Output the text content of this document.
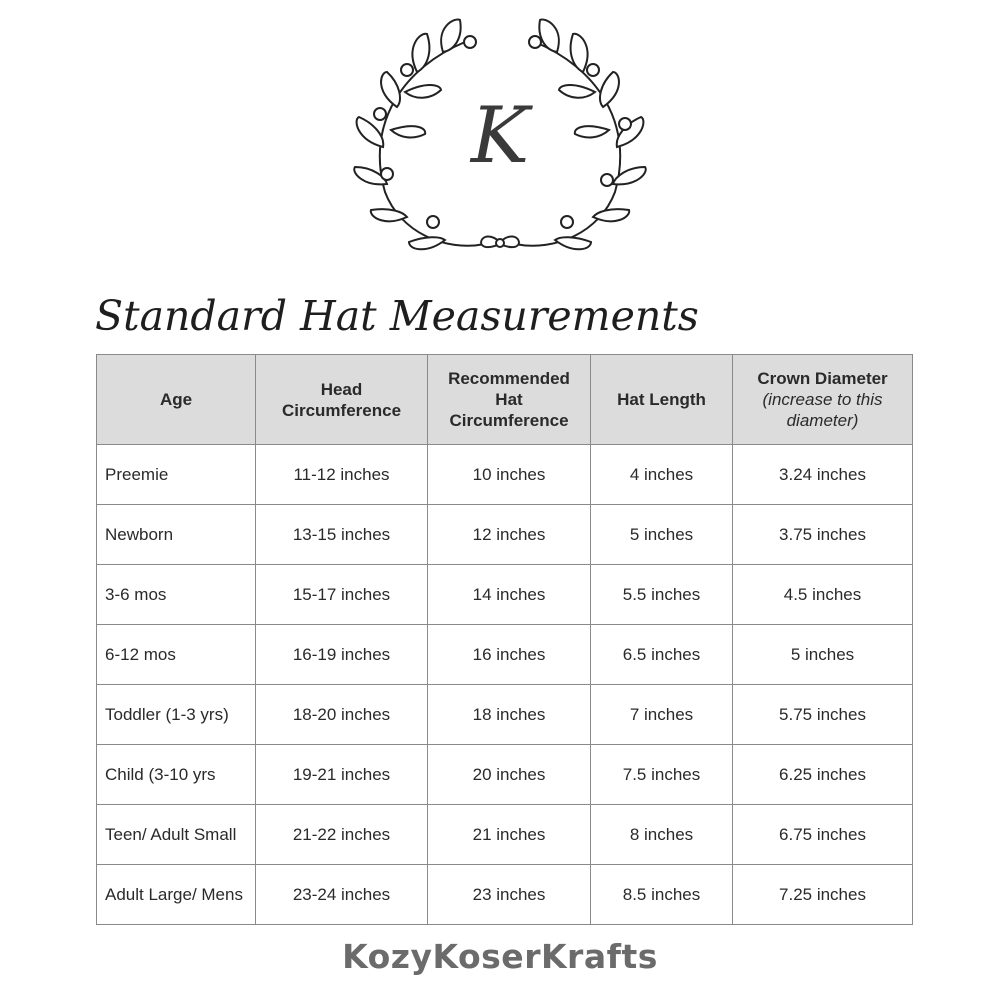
K
Standard Hat Measurements
Age	Head Circumference	Recommended Hat Circumference	Hat Length	Crown Diameter
(increase to this diameter)

Preemie	11-12 inches	10 inches	4 inches	3.24 inches
Newborn	13-15 inches	12 inches	5 inches	3.75 inches
3-6 mos	15-17 inches	14 inches	5.5 inches	4.5 inches
6-12 mos	16-19 inches	16 inches	6.5 inches	5 inches
Toddler (1-3 yrs)	18-20 inches	18 inches	7 inches	5.75 inches
Child (3-10 yrs	19-21 inches	20 inches	7.5 inches	6.25 inches
Teen/ Adult Small	21-22 inches	21 inches	8 inches	6.75 inches
Adult Large/ Mens	23-24 inches	23 inches	8.5 inches	7.25 inches
KozyKoserKrafts
